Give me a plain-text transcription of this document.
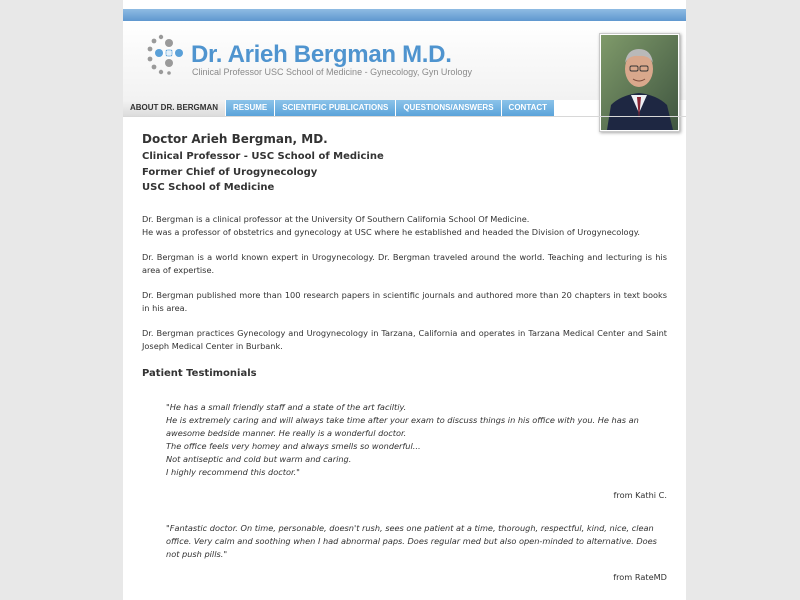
Dr. Arieh Bergman M.D.
Clinical Professor USC School of Medicine - Gynecology, Gyn Urology
ABOUT DR. BERGMAN	RESUME	SCIENTIFIC PUBLICATIONS	QUESTIONS/ANSWERS	CONTACT
Doctor Arieh Bergman, MD.

Clinical Professor - USC School of Medicine

Former Chief of Urogynecology

USC School of Medicine

Dr. Bergman is a clinical professor at the University Of Southern California School Of Medicine.

He was a professor of obstetrics and gynecology at USC where he established and headed the Division of Urogynecology.

Dr. Bergman is a world known expert in Urogynecology. Dr. Bergman traveled around the world. Teaching and lecturing is his area of expertise.

Dr. Bergman published more than 100 research papers in scientific journals and authored more than 20 chapters in text books in his area.

Dr. Bergman practices Gynecology and Urogynecology in Tarzana, California and operates in Tarzana Medical Center and Saint Joseph Medical Center in Burbank.

Patient Testimonials

"He has a small friendly staff and a state of the art faciltiy.

He is extremely caring and will always take time after your exam to discuss things in his office with you. He has an awesome bedside manner. He really is a wonderful doctor.

The office feels very homey and always smells so wonderful...

Not antiseptic and cold but warm and caring.

I highly recommend this doctor."

from Kathi C.

"Fantastic doctor. On time, personable, doesn't rush, sees one patient at a time, thorough, respectful, kind, nice, clean office. Very calm and soothing when I had abnormal paps. Does regular med but also open-minded to alternative. Does not push pills."

from RateMD
